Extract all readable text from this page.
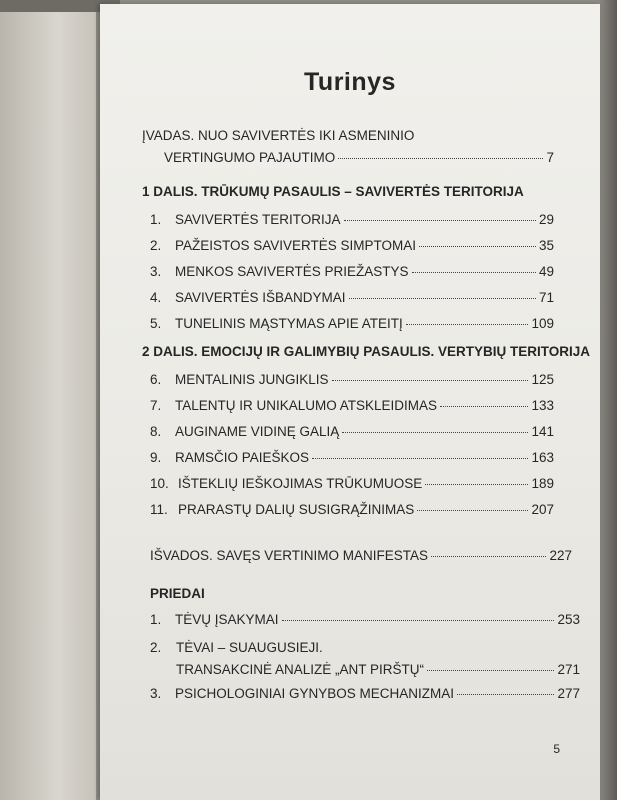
Turinys
ĮVADAS. NUO SAVIVERTĖS IKI ASMENINIO
VERTINGUMO PAJAUTIMO	7
1 DALIS. TRŪKUMŲ PASAULIS – SAVIVERTĖS TERITORIJA
1.	SAVIVERTĖS TERITORIJA	29
2.	PAŽEISTOS SAVIVERTĖS SIMPTOMAI	35
3.	MENKOS SAVIVERTĖS PRIEŽASTYS	49
4.	SAVIVERTĖS IŠBANDYMAI	71
5.	TUNELINIS MĄSTYMAS APIE ATEITĮ	109
2 DALIS. EMOCIJŲ IR GALIMYBIŲ PASAULIS. VERTYBIŲ TERITORIJA
6.	MENTALINIS JUNGIKLIS	125
7.	TALENTŲ IR UNIKALUMO ATSKLEIDIMAS	133
8.	AUGINAME VIDINĘ GALIĄ	141
9.	RAMSČIO PAIEŠKOS	163
10. IŠTEKLIŲ IEŠKOJIMAS TRŪKUMUOSE	189
11. PRARASTŲ DALIŲ SUSIGRĄŽINIMAS	207
IŠVADOS. SAVĘS VERTINIMO MANIFESTAS	227
PRIEDAI
1.	TĖVŲ ĮSAKYMAI	253
2. TĖVAI – SUAUGUSIEJI.
TRANSAKCINĖ ANALIZĖ „ANT PIRŠTŲ“	271
3.	PSICHOLOGINIAI GYNYBOS MECHANIZMAI	277
5
